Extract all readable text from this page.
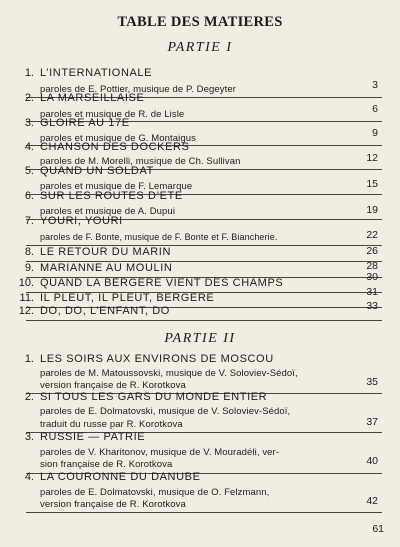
TABLE DES MATIERES
PARTIE I
1. L’INTERNATIONALE
paroles de E. Pottier, musique de P. Degeyter	3
2. LA MARSEILLAISE
paroles et musique de R. de Lisle	6
3. GLOIRE AU 17E
paroles et musique de G. Montaigus	9
4. CHANSON DES DOCKERS
paroles de M. Morelli, musique de Ch. Sullivan	12
5. QUAND UN SOLDAT
paroles et musique de F. Lemarque	15
6. SUR LES ROUTES D’ETE
paroles et musique de A. Dupui	19
7. YOURI, YOURI
paroles de F. Bonte, musique de F. Bonte et F. Biancherie.	22
8. LE RETOUR DU MARIN	26
9. MARIANNE AU MOULIN	28
10. QUAND LA BERGERE VIENT DES CHAMPS	30
11. IL PLEUT, IL PLEUT, BERGERE	31
12. DO, DO, L’ENFANT, DO	33
PARTIE II
1. LES SOIRS AUX ENVIRONS DE MOSCOU
paroles de M. Matoussovski, musique de V. Soloviev-Sédoï,
version française de R. Korotkova	35
2. SI TOUS LES GARS DU MONDE ENTIER
paroles de E. Dolmatovski, musique de V. Soloviev-Sédoï,
traduit du russe par R. Korotkova	37
3. RUSSIE — PATRIE
paroles de V. Kharitonov, musique de V. Mouradéli, ver-
sion française de R. Korotkova	40
4. LA COURONNE DU DANUBE
paroles de E. Dolmatovski, musique de O. Felzmann,
version française de R. Korotkova	42
61
